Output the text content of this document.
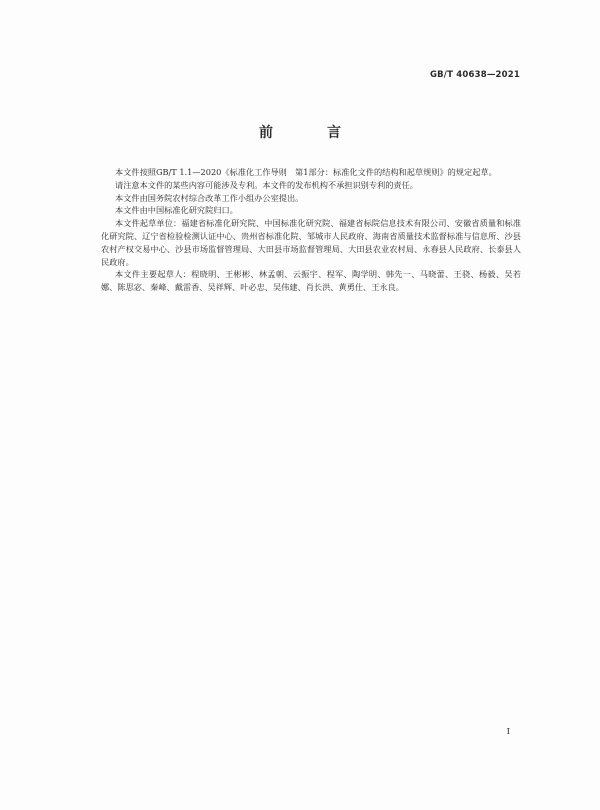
GB/T 40638—2021
前　言

本文件按照GB/T 1.1—2020《标准化工作导则　第1部分：标准化文件的结构和起草规则》的规定起草。

请注意本文件的某些内容可能涉及专利。本文件的发布机构不承担识别专利的责任。

本文件由国务院农村综合改革工作小组办公室提出。

本文件由中国标准化研究院归口。

本文件起草单位：福建省标准化研究院、中国标准化研究院、福建省标院信息技术有限公司、安徽省质量和标准化研究院、辽宁省检验检测认证中心、贵州省标准化院、邹城市人民政府、海南省质量技术监督标准与信息所、沙县农村产权交易中心、沙县市场监督管理局、大田县市场监督管理局、大田县农业农村局、永春县人民政府、长泰县人民政府。

本文件主要起草人：程晓明、王彬彬、林孟朝、云振宇、程军、陶学明、韩先一、马晓蕾、王骁、杨毅、吴若娜、陈思宓、秦峰、戴雷香、吴祥辉、叶必忠、吴伟建、肖长洪、黄勇仕、王永良。

I
